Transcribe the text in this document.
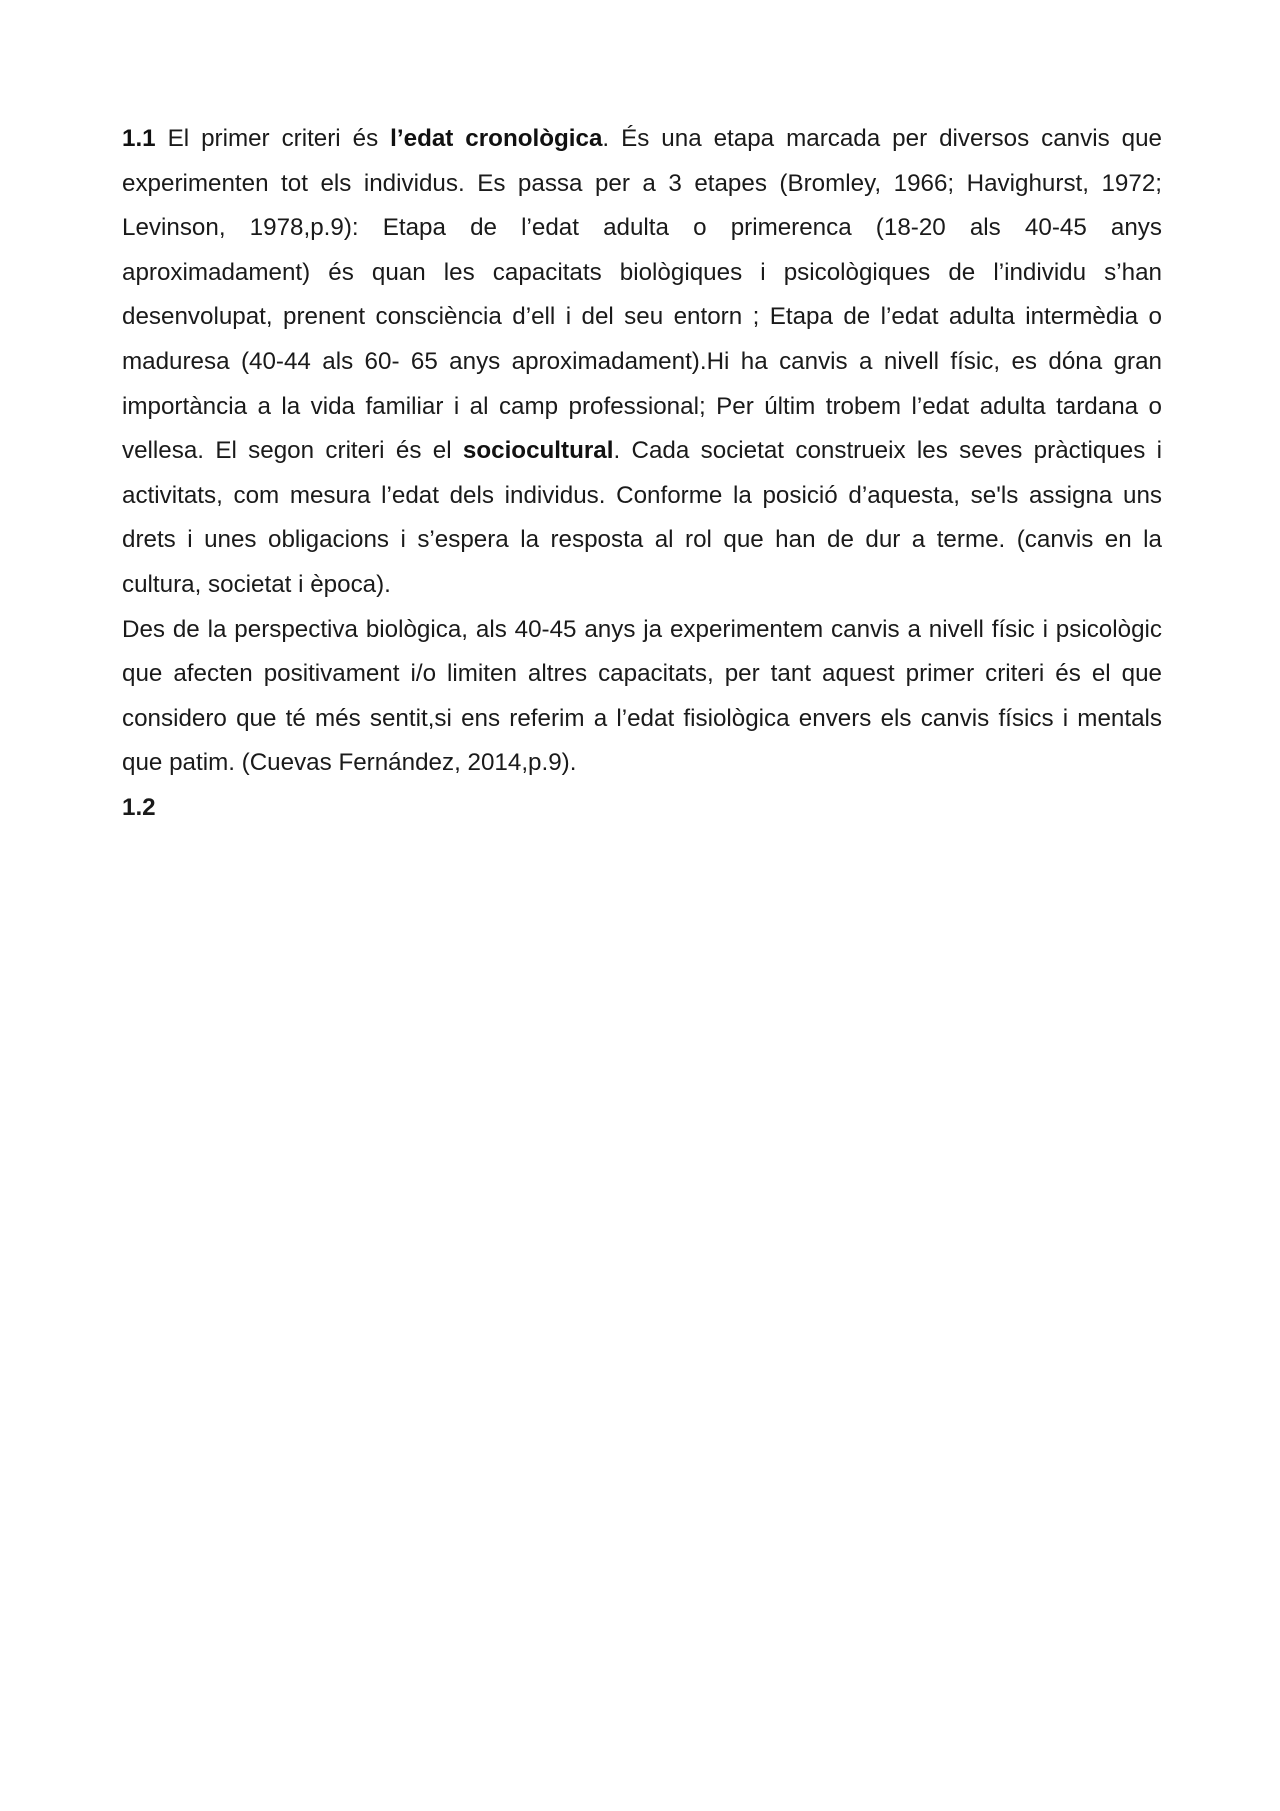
1.1 El primer criteri és l’edat cronològica. És una etapa marcada per diversos canvis que experimenten tot els individus. Es passa per a 3 etapes (Bromley, 1966; Havighurst, 1972; Levinson, 1978,p.9): Etapa de l’edat adulta o primerenca (18-20 als 40-45 anys aproximadament) és quan les capacitats biològiques i psicològiques de l’individu s’han desenvolupat, prenent consciència d’ell i del seu entorn ; Etapa de l’edat adulta intermèdia o maduresa (40-44 als 60- 65 anys aproximadament).Hi ha canvis a nivell físic, es dóna gran importància a la vida familiar i al camp professional; Per últim trobem l’edat adulta tardana o vellesa. El segon criteri és el sociocultural. Cada societat construeix les seves pràctiques i activitats, com mesura l’edat dels individus. Conforme la posició d’aquesta, se'ls assigna uns drets i unes obligacions i s’espera la resposta al rol que han de dur a terme. (canvis en la cultura, societat i època).

Des de la perspectiva biològica, als 40-45 anys ja experimentem canvis a nivell físic i psicològic que afecten positivament i/o limiten altres capacitats, per tant aquest primer criteri és el que considero que té més sentit,si ens referim a l’edat fisiològica envers els canvis físics i mentals que patim. (Cuevas Fernández, 2014,p.9).

1.2
